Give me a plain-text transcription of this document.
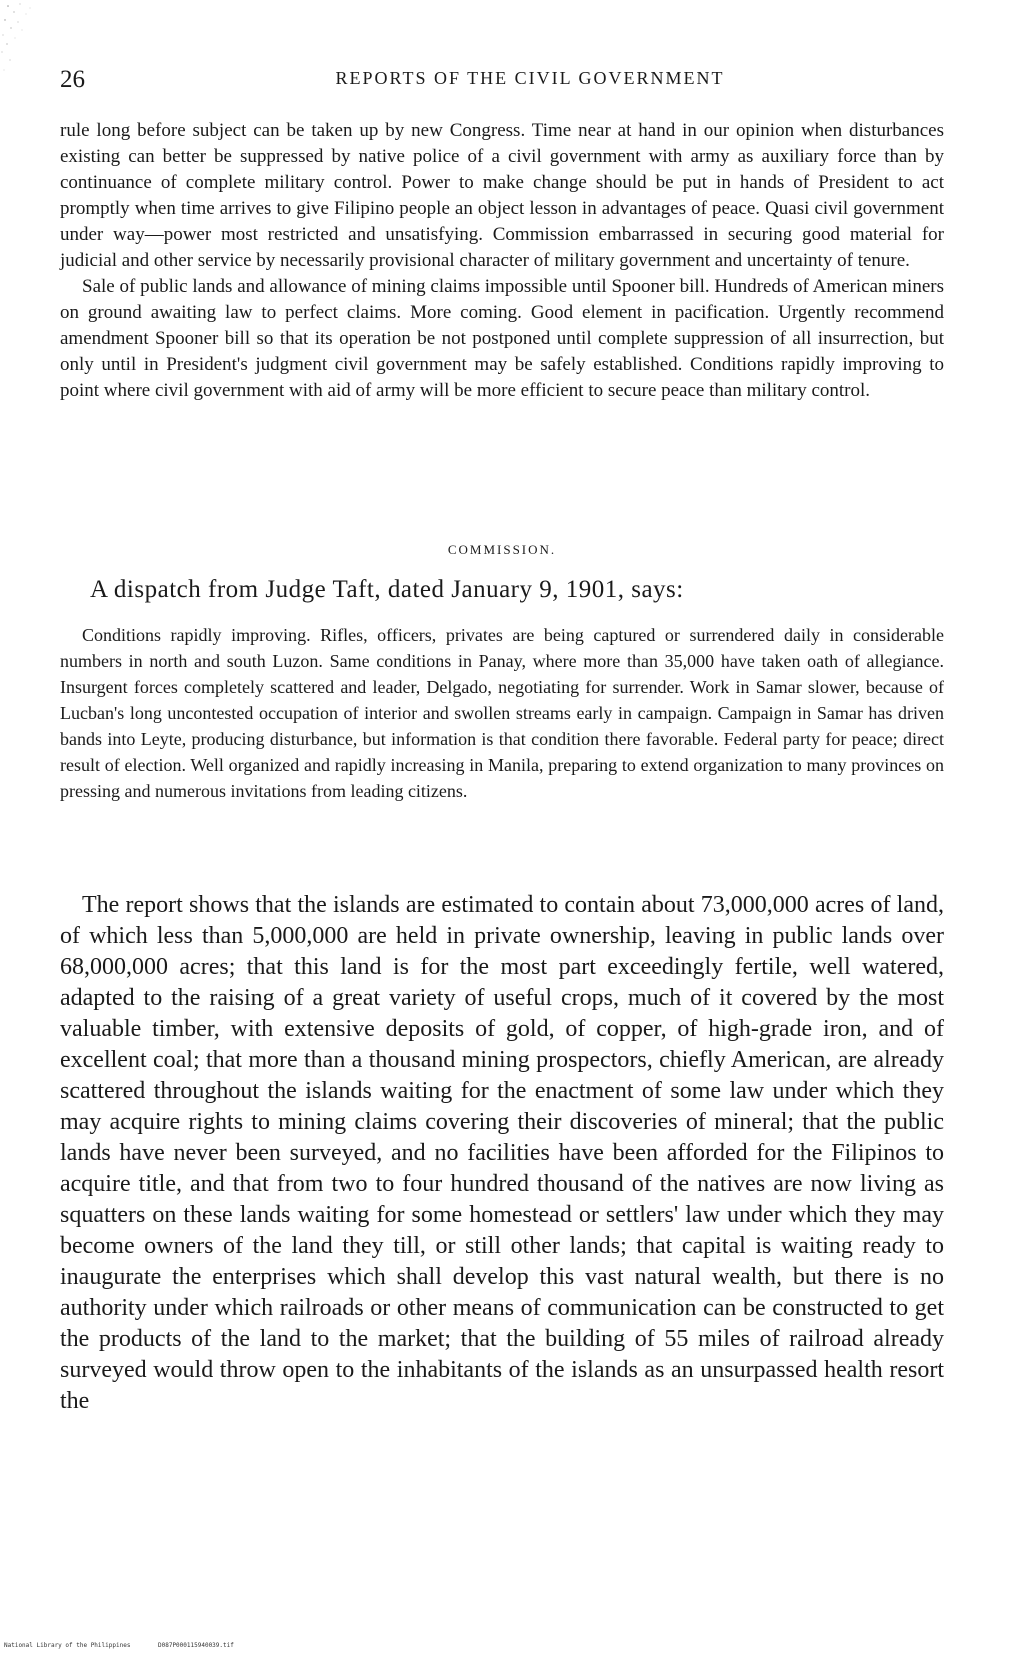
26	REPORTS OF THE CIVIL GOVERNMENT

rule long before subject can be taken up by new Congress. Time near at hand in our opinion when disturbances existing can better be suppressed by native police of a civil government with army as auxiliary force than by continuance of complete military control. Power to make change should be put in hands of President to act promptly when time arrives to give Filipino people an object lesson in advantages of peace. Quasi civil government under way—power most restricted and unsatisfying. Commission embarrassed in securing good material for judicial and other service by necessarily provisional character of military government and uncertainty of tenure.

Sale of public lands and allowance of mining claims impossible until Spooner bill. Hundreds of American miners on ground awaiting law to perfect claims. More coming. Good element in pacification. Urgently recommend amendment Spooner bill so that its operation be not postponed until complete suppression of all insurrection, but only until in President's judgment civil government may be safely established. Conditions rapidly improving to point where civil government with aid of army will be more efficient to secure peace than military control.

COMMISSION.
A dispatch from Judge Taft, dated January 9, 1901, says:

Conditions rapidly improving. Rifles, officers, privates are being captured or surrendered daily in considerable numbers in north and south Luzon. Same conditions in Panay, where more than 35,000 have taken oath of allegiance. Insurgent forces completely scattered and leader, Delgado, negotiating for surrender. Work in Samar slower, because of Lucban's long uncontested occupation of interior and swollen streams early in campaign. Campaign in Samar has driven bands into Leyte, producing disturbance, but information is that condition there favorable. Federal party for peace; direct result of election. Well organized and rapidly increasing in Manila, preparing to extend organization to many provinces on pressing and numerous invitations from leading citizens.

The report shows that the islands are estimated to contain about 73,000,000 acres of land, of which less than 5,000,000 are held in private ownership, leaving in public lands over 68,000,000 acres; that this land is for the most part exceedingly fertile, well watered, adapted to the raising of a great variety of useful crops, much of it covered by the most valuable timber, with extensive deposits of gold, of copper, of high-grade iron, and of excellent coal; that more than a thousand mining prospectors, chiefly American, are already scattered throughout the islands waiting for the enactment of some law under which they may acquire rights to mining claims covering their discoveries of mineral; that the public lands have never been surveyed, and no facilities have been afforded for the Filipinos to acquire title, and that from two to four hundred thousand of the natives are now living as squatters on these lands waiting for some homestead or settlers' law under which they may become owners of the land they till, or still other lands; that capital is waiting ready to inaugurate the enterprises which shall develop this vast natural wealth, but there is no authority under which railroads or other means of communication can be constructed to get the products of the land to the market; that the building of 55 miles of railroad already surveyed would throw open to the inhabitants of the islands as an unsurpassed health resort the

National Library of the Philippines	D087P000115940039.tif
